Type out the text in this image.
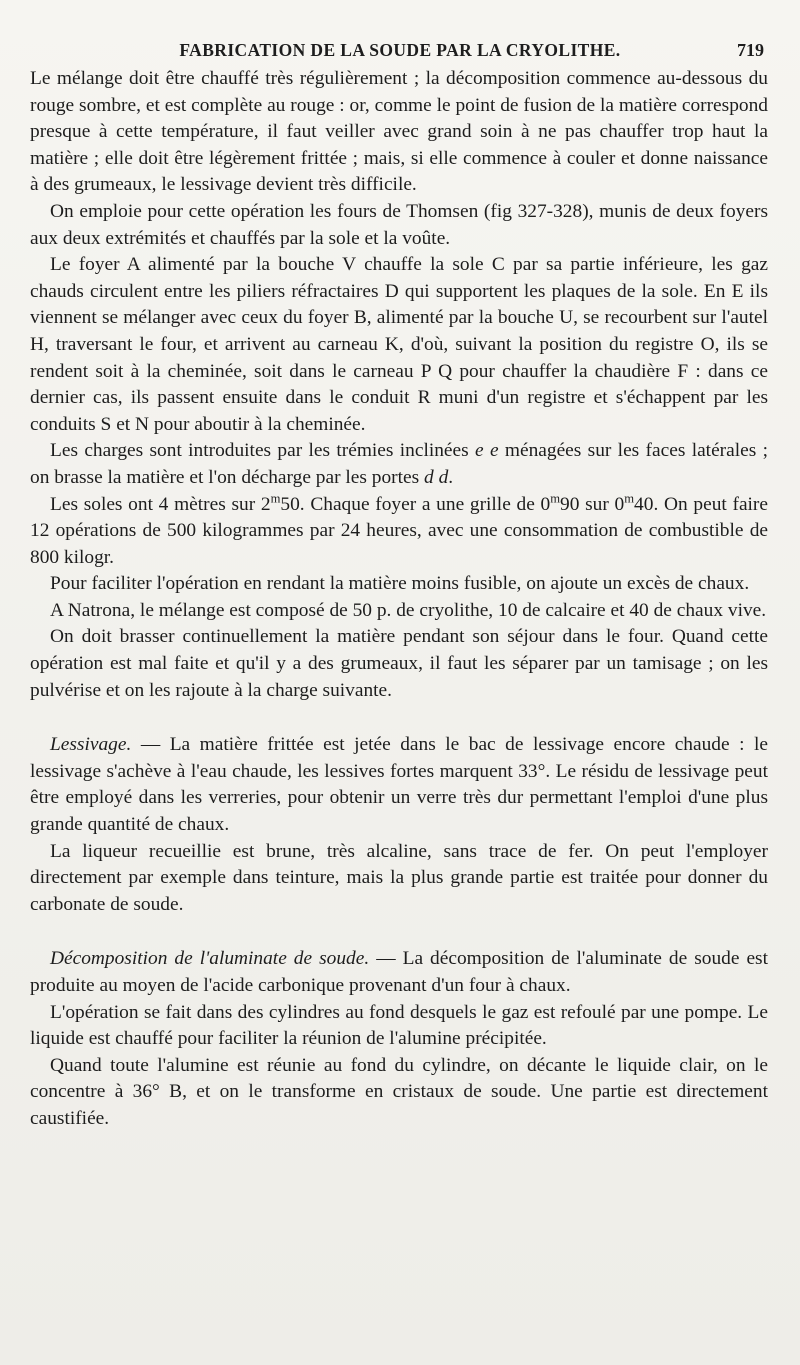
FABRICATION DE LA SOUDE PAR LA CRYOLITHE.	719

Le mélange doit être chauffé très régulièrement ; la décomposition commence au-dessous du rouge sombre, et est complète au rouge : or, comme le point de fusion de la matière correspond presque à cette température, il faut veiller avec grand soin à ne pas chauffer trop haut la matière ; elle doit être légèrement frittée ; mais, si elle commence à couler et donne naissance à des grumeaux, le lessivage devient très difficile.

On emploie pour cette opération les fours de Thomsen (fig 327-328), munis de deux foyers aux deux extrémités et chauffés par la sole et la voûte.

Le foyer A alimenté par la bouche V chauffe la sole C par sa partie inférieure, les gaz chauds circulent entre les piliers réfractaires D qui supportent les plaques de la sole. En E ils viennent se mélanger avec ceux du foyer B, alimenté par la bouche U, se recourbent sur l'autel H, traversant le four, et arrivent au carneau K, d'où, suivant la position du registre O, ils se rendent soit à la cheminée, soit dans le carneau P Q pour chauffer la chaudière F : dans ce dernier cas, ils passent ensuite dans le conduit R muni d'un registre et s'échappent par les conduits S et N pour aboutir à la cheminée.

Les charges sont introduites par les trémies inclinées e e ménagées sur les faces latérales ; on brasse la matière et l'on décharge par les portes d d.

Les soles ont 4 mètres sur 2$^m$50. Chaque foyer a une grille de 0$^m$90 sur 0$^m$40. On peut faire 12 opérations de 500 kilogrammes par 24 heures, avec une consommation de combustible de 800 kilogr.

Pour faciliter l'opération en rendant la matière moins fusible, on ajoute un excès de chaux.

A Natrona, le mélange est composé de 50 p. de cryolithe, 10 de calcaire et 40 de chaux vive.

On doit brasser continuellement la matière pendant son séjour dans le four. Quand cette opération est mal faite et qu'il y a des grumeaux, il faut les séparer par un tamisage ; on les pulvérise et on les rajoute à la charge suivante.

Lessivage. — La matière frittée est jetée dans le bac de lessivage encore chaude : le lessivage s'achève à l'eau chaude, les lessives fortes marquent 33°. Le résidu de lessivage peut être employé dans les verreries, pour obtenir un verre très dur permettant l'emploi d'une plus grande quantité de chaux.

La liqueur recueillie est brune, très alcaline, sans trace de fer. On peut l'employer directement par exemple dans teinture, mais la plus grande partie est traitée pour donner du carbonate de soude.

Décomposition de l'aluminate de soude. — La décomposition de l'aluminate de soude est produite au moyen de l'acide carbonique provenant d'un four à chaux.

L'opération se fait dans des cylindres au fond desquels le gaz est refoulé par une pompe. Le liquide est chauffé pour faciliter la réunion de l'alumine précipitée.

Quand toute l'alumine est réunie au fond du cylindre, on décante le liquide clair, on le concentre à 36° B, et on le transforme en cristaux de soude. Une partie est directement caustifiée.
